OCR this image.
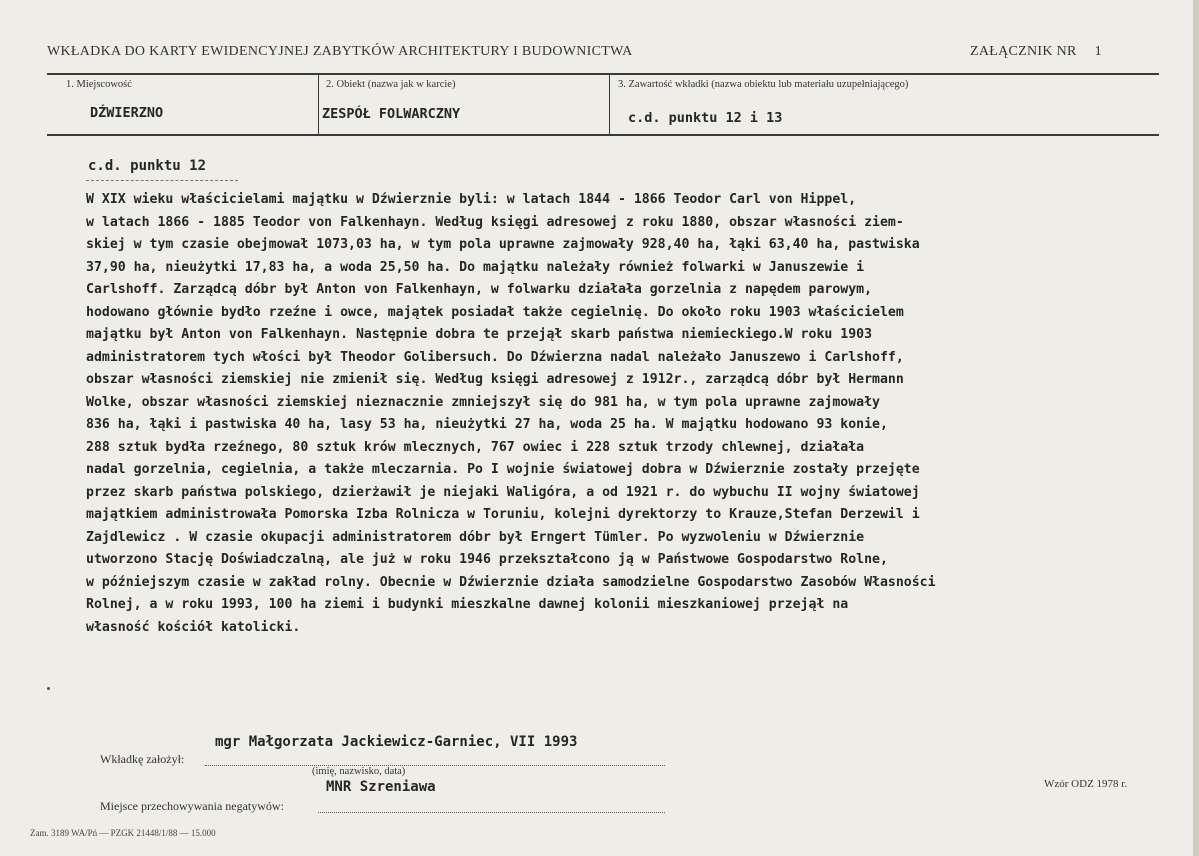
WKŁADKA DO KARTY EWIDENCYJNEJ ZABYTKÓW ARCHITEKTURY I BUDOWNICTWA	ZAŁĄCZNIK NR 1
1. Miejscowość
DŹWIERZNO
2. Obiekt (nazwa jak w karcie)
ZESPÓŁ FOLWARCZNY
3. Zawartość wkładki (nazwa obiektu lub materiału uzupełniającego)
c.d. punktu 12 i 13
c.d. punktu 12
W XIX wieku właścicielami majątku w Dźwierznie byli: w latach 1844 - 1866 Teodor Carl von Hippel,
w latach 1866 - 1885 Teodor von Falkenhayn. Według księgi adresowej z roku 1880, obszar własności ziem-
skiej w tym czasie obejmował 1073,03 ha, w tym pola uprawne zajmowały 928,40 ha, łąki 63,40 ha, pastwiska
37,90 ha, nieużytki 17,83 ha, a woda 25,50 ha. Do majątku należały również folwarki w Januszewie i
Carlshoff. Zarządcą dóbr był Anton von Falkenhayn, w folwarku działała gorzelnia z napędem parowym,
hodowano głównie bydło rzeźne i owce, majątek posiadał także cegielnię. Do około roku 1903 właścicielem
majątku był Anton von Falkenhayn. Następnie dobra te przejął skarb państwa niemieckiego.W roku 1903
administratorem tych włości był Theodor Golibersuch. Do Dźwierzna nadal należało Januszewo i Carlshoff,
obszar własności ziemskiej nie zmienił się. Według księgi adresowej z 1912r., zarządcą dóbr był Hermann
Wolke, obszar własności ziemskiej nieznacznie zmniejszył się do 981 ha, w tym pola uprawne zajmowały
836 ha, łąki i pastwiska 40 ha, lasy 53 ha, nieużytki 27 ha, woda 25 ha. W majątku hodowano 93 konie,
288 sztuk bydła rzeźnego, 80 sztuk krów mlecznych, 767 owiec i 228 sztuk trzody chlewnej, działała
nadal gorzelnia, cegielnia, a także mleczarnia. Po I wojnie światowej dobra w Dźwierznie zostały przejęte
przez skarb państwa polskiego, dzierżawił je niejaki Waligóra, a od 1921 r. do wybuchu II wojny światowej
majątkiem administrowała Pomorska Izba Rolnicza w Toruniu, kolejni dyrektorzy to Krauze,Stefan Derzewil i
Zajdlewicz . W czasie okupacji administratorem dóbr był Erngert Tümler. Po wyzwoleniu w Dźwierznie
utworzono Stację Doświadczalną, ale już w roku 1946 przekształcono ją w Państwowe Gospodarstwo Rolne,
w późniejszym czasie w zakład rolny. Obecnie w Dźwierznie działa samodzielne Gospodarstwo Zasobów Własności
Rolnej, a w roku 1993, 100 ha ziemi i budynki mieszkalne dawnej kolonii mieszkaniowej przejął na
własność kościół katolicki.
mgr Małgorzata Jackiewicz-Garniec, VII 1993
Wkładkę założył:
(imię, nazwisko, data)
MNR Szreniawa
Miejsce przechowywania negatywów:
Wzór ODZ 1978 r.
Zam. 3189 WA/Pń — PZGK 21448/1/88 — 15.000
